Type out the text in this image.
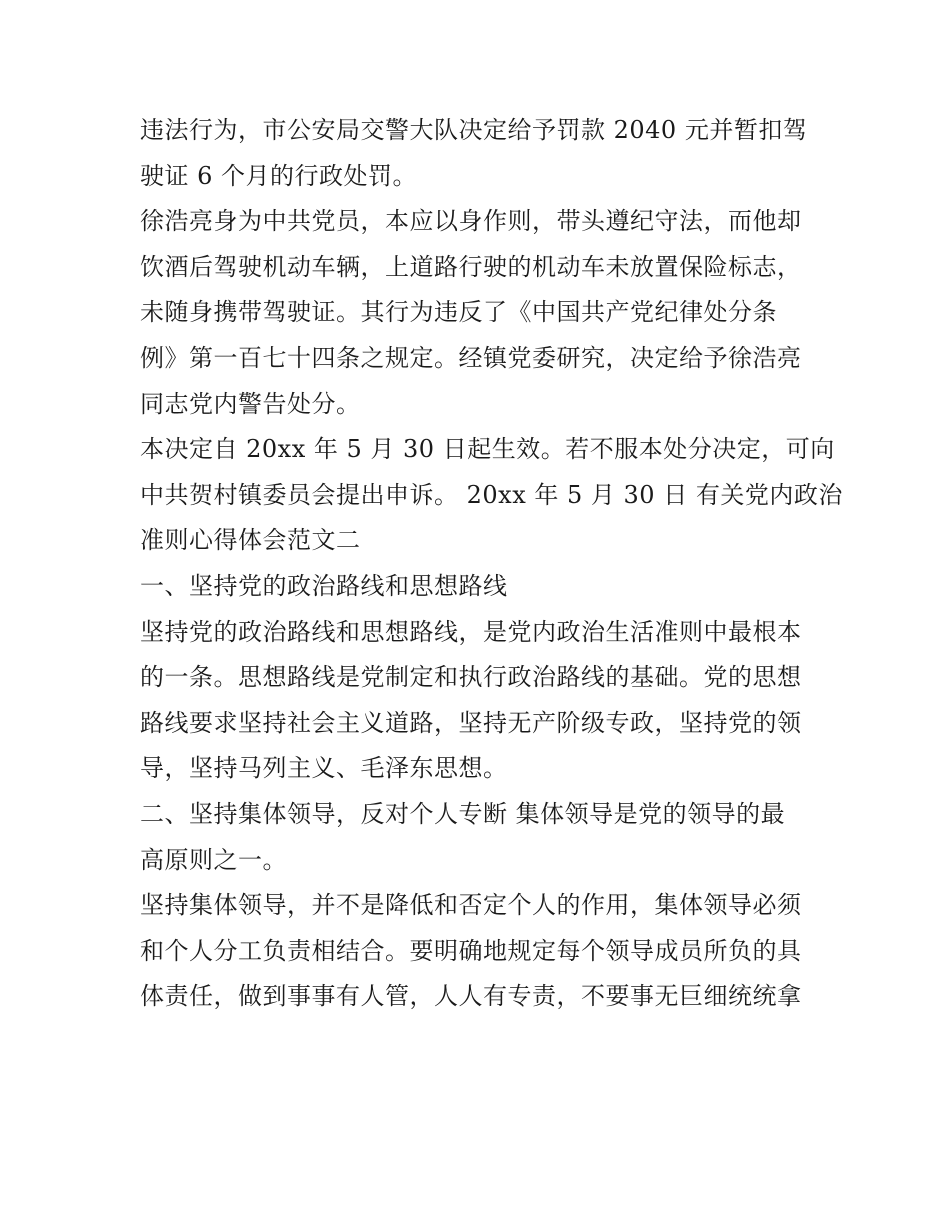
违法行为，市公安局交警大队决定给予罚款 2040 元并暂扣驾
驶证 6 个月的行政处罚。
徐浩亮身为中共党员，本应以身作则，带头遵纪守法，而他却
饮酒后驾驶机动车辆，上道路行驶的机动车未放置保险标志，
未随身携带驾驶证。其行为违反了《中国共产党纪律处分条
例》第一百七十四条之规定。经镇党委研究，决定给予徐浩亮
同志党内警告处分。
本决定自 20xx 年 5 月 30 日起生效。若不服本处分决定，可向
中共贺村镇委员会提出申诉。 20xx 年 5 月 30 日 有关党内政治
准则心得体会范文二
一、坚持党的政治路线和思想路线
坚持党的政治路线和思想路线，是党内政治生活准则中最根本
的一条。思想路线是党制定和执行政治路线的基础。党的思想
路线要求坚持社会主义道路，坚持无产阶级专政，坚持党的领
导，坚持马列主义、毛泽东思想。
二、坚持集体领导，反对个人专断 集体领导是党的领导的最
高原则之一。
坚持集体领导，并不是降低和否定个人的作用，集体领导必须
和个人分工负责相结合。要明确地规定每个领导成员所负的具
体责任，做到事事有人管，人人有专责，不要事无巨细统统拿
